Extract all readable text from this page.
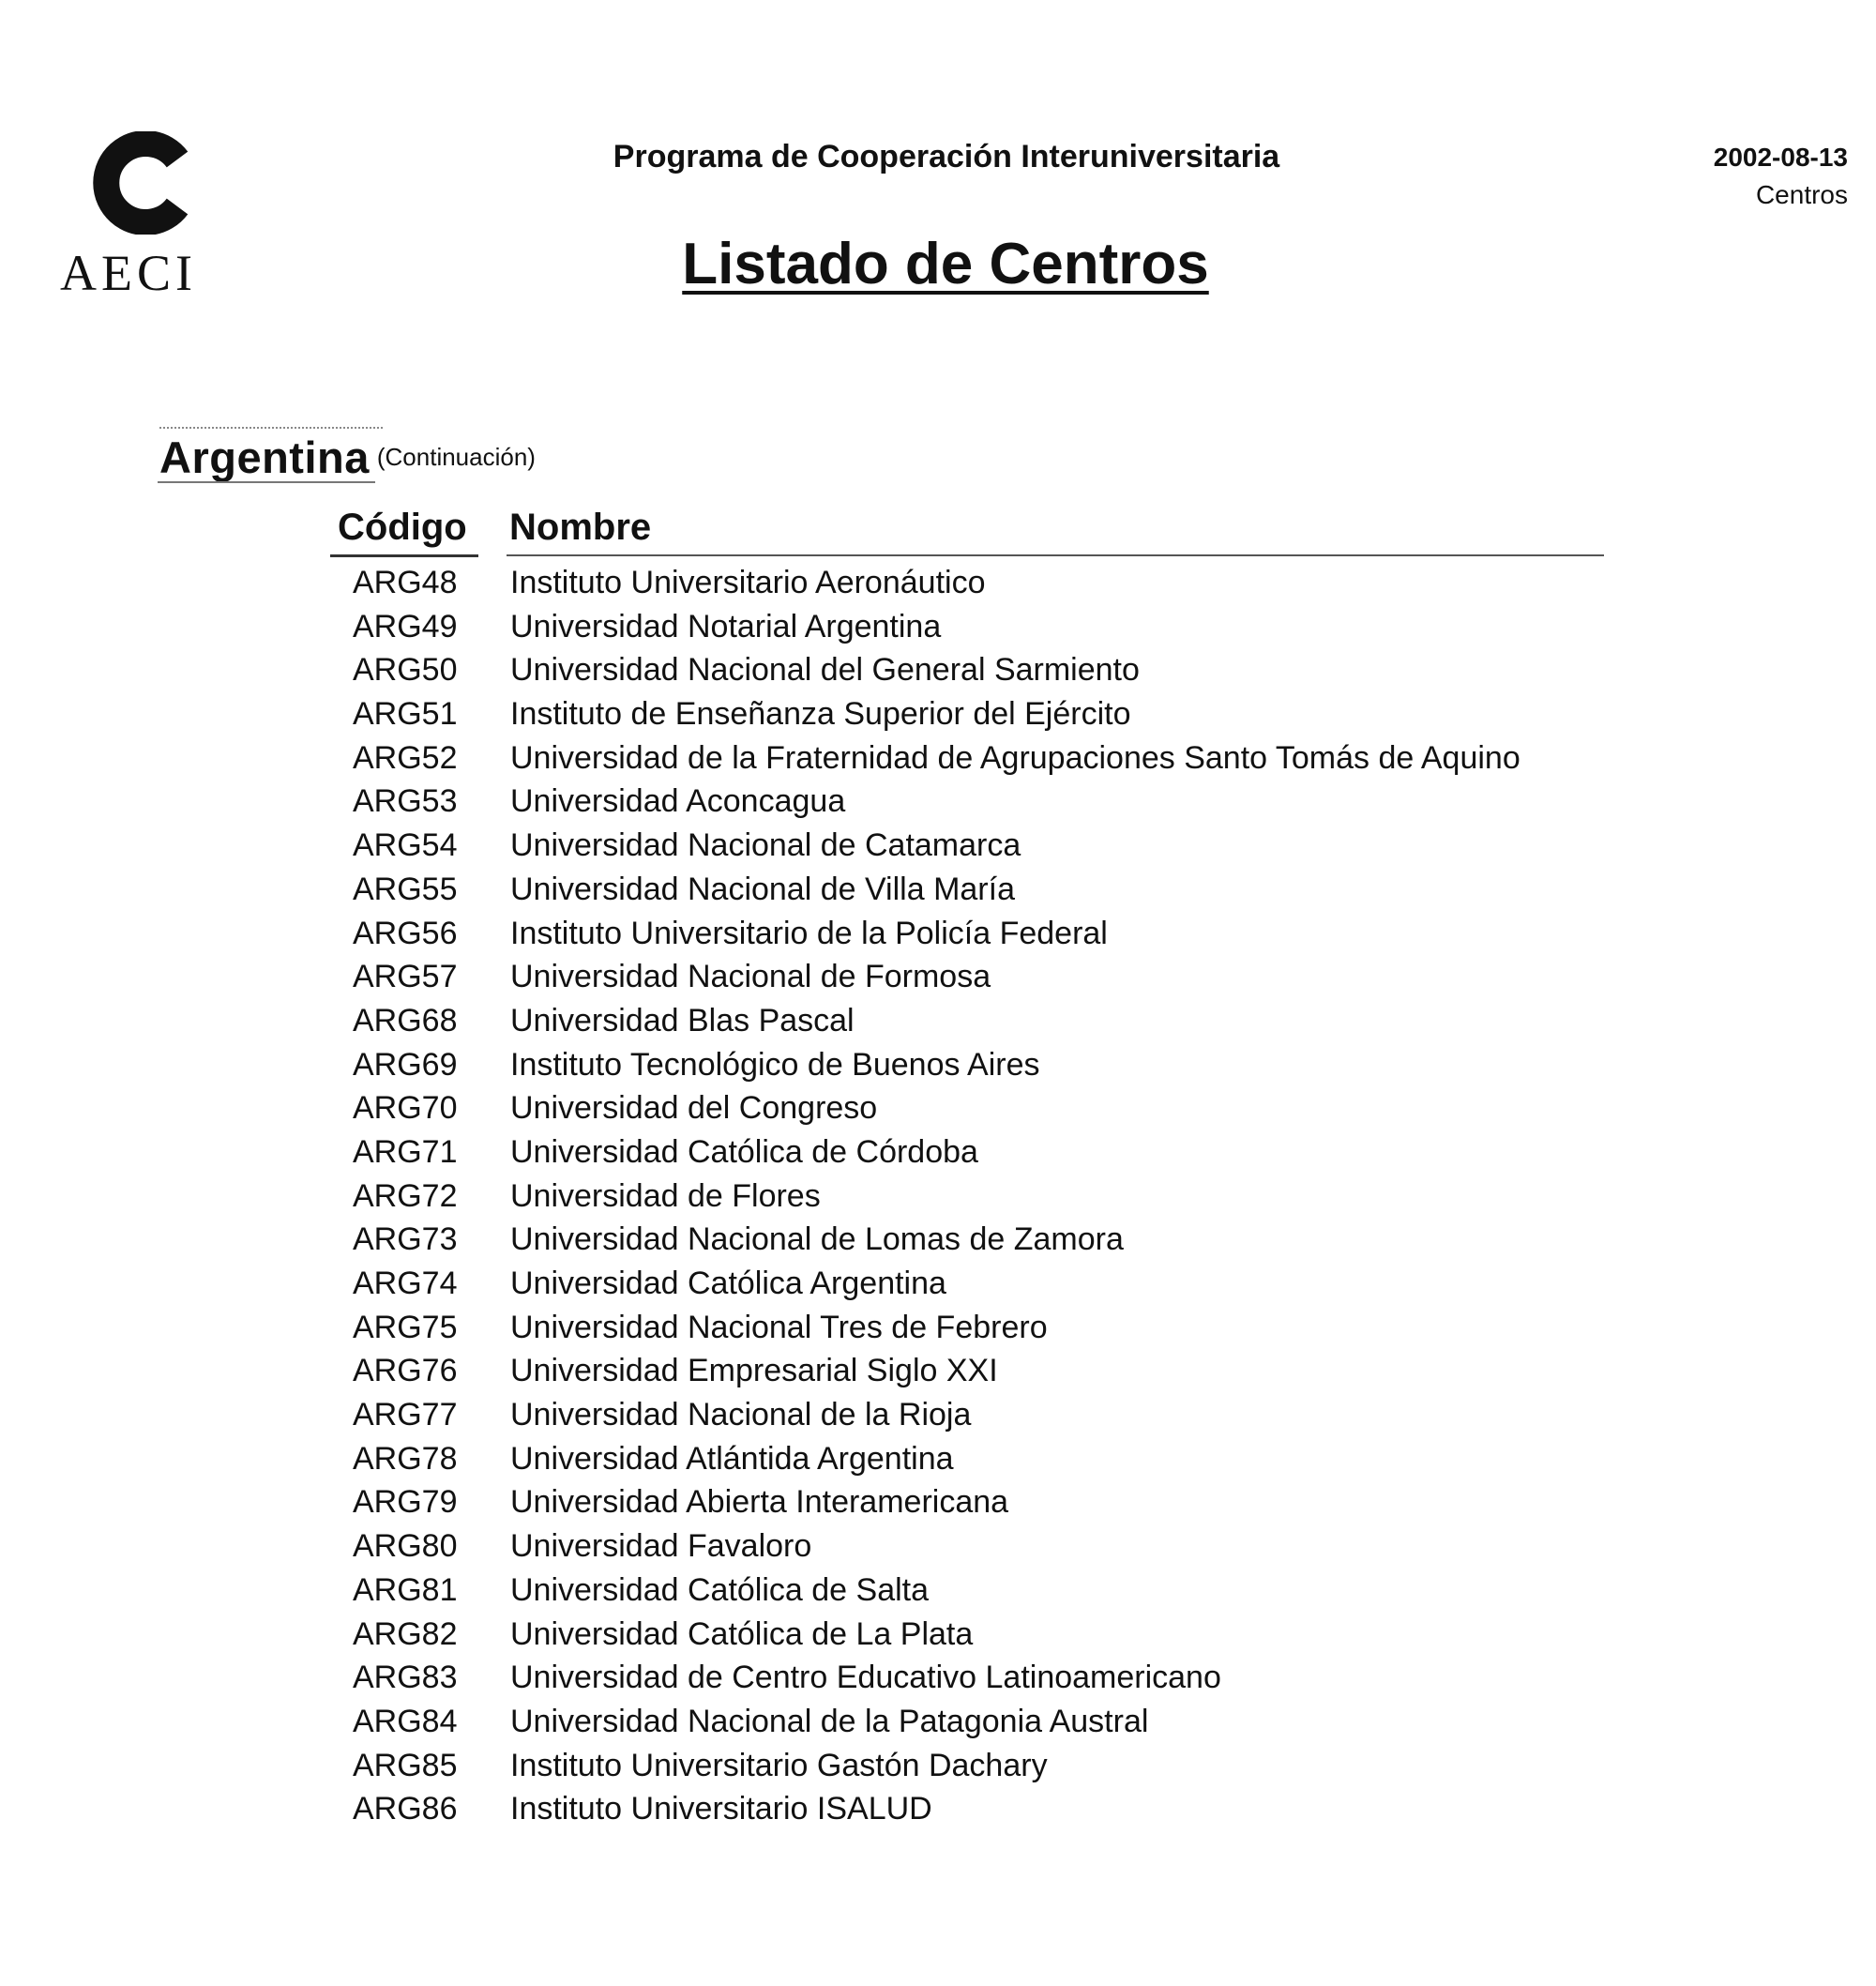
AECI
Programa de Cooperación Interuniversitaria
Listado de Centros
2002-08-13
Centros
Argentina (Continuación)
Código Nombre
ARG48 Instituto Universitario Aeronáutico
ARG49 Universidad Notarial Argentina
ARG50 Universidad Nacional del General Sarmiento
ARG51 Instituto de Enseñanza Superior del Ejército
ARG52 Universidad de la Fraternidad de Agrupaciones Santo Tomás de Aquino
ARG53 Universidad Aconcagua
ARG54 Universidad Nacional de Catamarca
ARG55 Universidad Nacional de Villa María
ARG56 Instituto Universitario de la Policía Federal
ARG57 Universidad Nacional de Formosa
ARG68 Universidad Blas Pascal
ARG69 Instituto Tecnológico de Buenos Aires
ARG70 Universidad del Congreso
ARG71 Universidad Católica de Córdoba
ARG72 Universidad de Flores
ARG73 Universidad Nacional de Lomas de Zamora
ARG74 Universidad Católica Argentina
ARG75 Universidad Nacional Tres de Febrero
ARG76 Universidad Empresarial Siglo XXI
ARG77 Universidad Nacional de la Rioja
ARG78 Universidad Atlántida Argentina
ARG79 Universidad Abierta Interamericana
ARG80 Universidad Favaloro
ARG81 Universidad Católica de Salta
ARG82 Universidad Católica de La Plata
ARG83 Universidad de Centro Educativo Latinoamericano
ARG84 Universidad Nacional de la Patagonia Austral
ARG85 Instituto Universitario Gastón Dachary
ARG86 Instituto Universitario ISALUD
